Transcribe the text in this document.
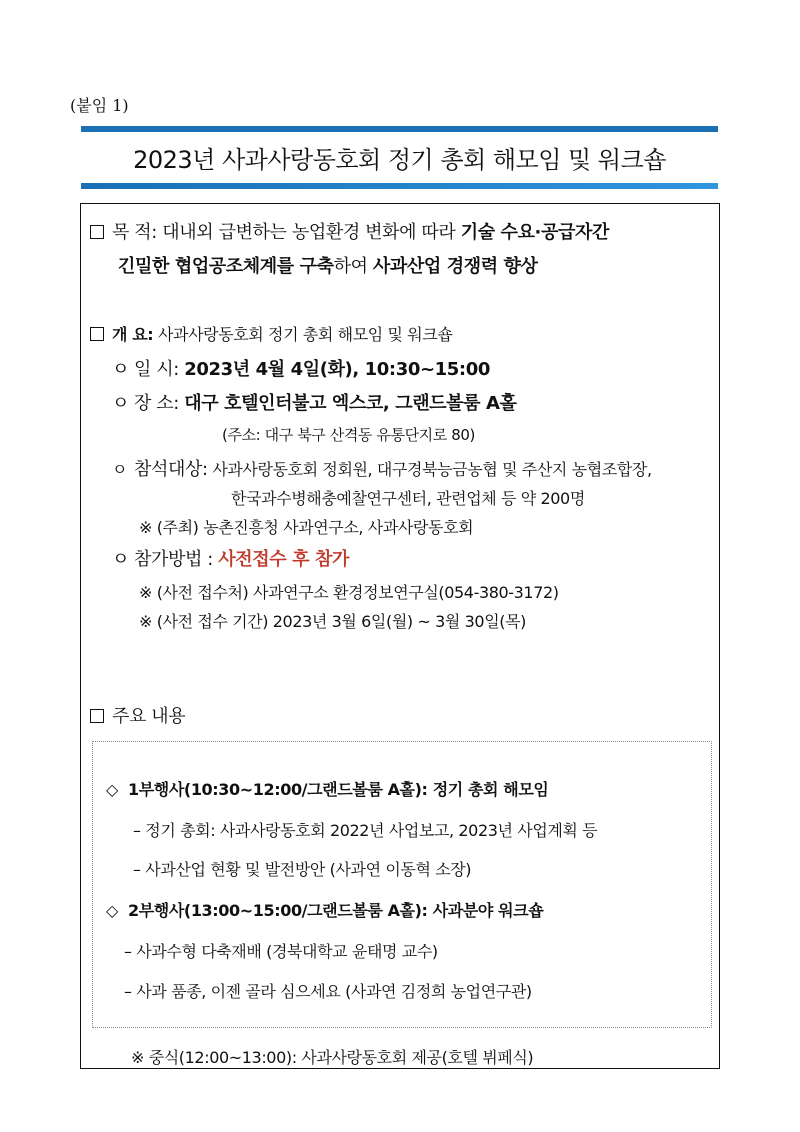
(붙임 1)
2023년 사과사랑동호회 정기 총회 해모임 및 워크숍
목 적: 대내외 급변하는 농업환경 변화에 따라 기술 수요·공급자간
긴밀한 협업공조체계를 구축하여 사과산업 경쟁력 향상
개 요: 사과사랑동호회 정기 총회 해모임 및 워크숍
ㅇ 일 시: 2023년 4월 4일(화), 10:30~15:00
ㅇ 장 소: 대구 호텔인터불고 엑스코, 그랜드볼룸 A홀
(주소: 대구 북구 산격동 유통단지로 80)
ㅇ 참석대상: 사과사랑동호회 정회원, 대구경북능금농협 및 주산지 농협조합장,
한국과수병해충예찰연구센터, 관련업체 등 약 200명
※ (주최) 농촌진흥청 사과연구소, 사과사랑동호회
ㅇ 참가방법 : 사전접수 후 참가
※ (사전 접수처) 사과연구소 환경정보연구실(054-380-3172)
※ (사전 접수 기간) 2023년 3월 6일(월) ~ 3월 30일(목)
주요 내용
◇ 1부행사(10:30~12:00/그랜드볼룸 A홀): 정기 총회 해모임
– 정기 총회: 사과사랑동호회 2022년 사업보고, 2023년 사업계획 등
– 사과산업 현황 및 발전방안 (사과연 이동혁 소장)
◇ 2부행사(13:00~15:00/그랜드볼룸 A홀): 사과분야 워크숍
– 사과수형 다축재배 (경북대학교 윤태명 교수)
– 사과 품종, 이젠 골라 심으세요 (사과연 김정희 농업연구관)
※ 중식(12:00~13:00): 사과사랑동호회 제공(호텔 뷔페식)
